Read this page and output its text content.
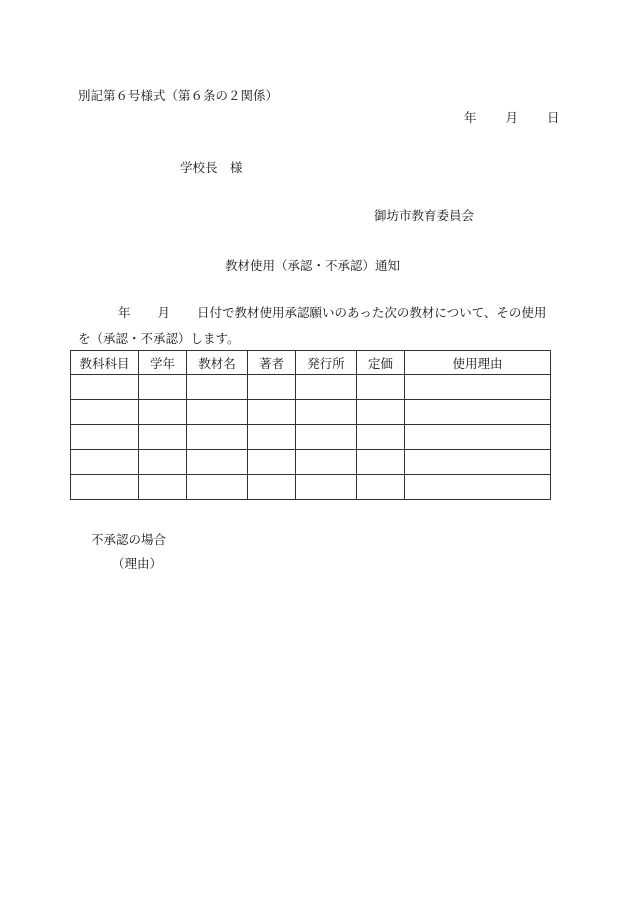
別記第６号様式（第６条の２関係）
年 月 日
学校長　様
御坊市教育委員会
教材使用（承認・不承認）通知
年 月 日付で教材使用承認願いのあった次の教材について、その使用
を（承認・不承認）します。
教科科目	学年	教材名	著者	発行所	定価	使用理由

不承認の場合
（理由）
